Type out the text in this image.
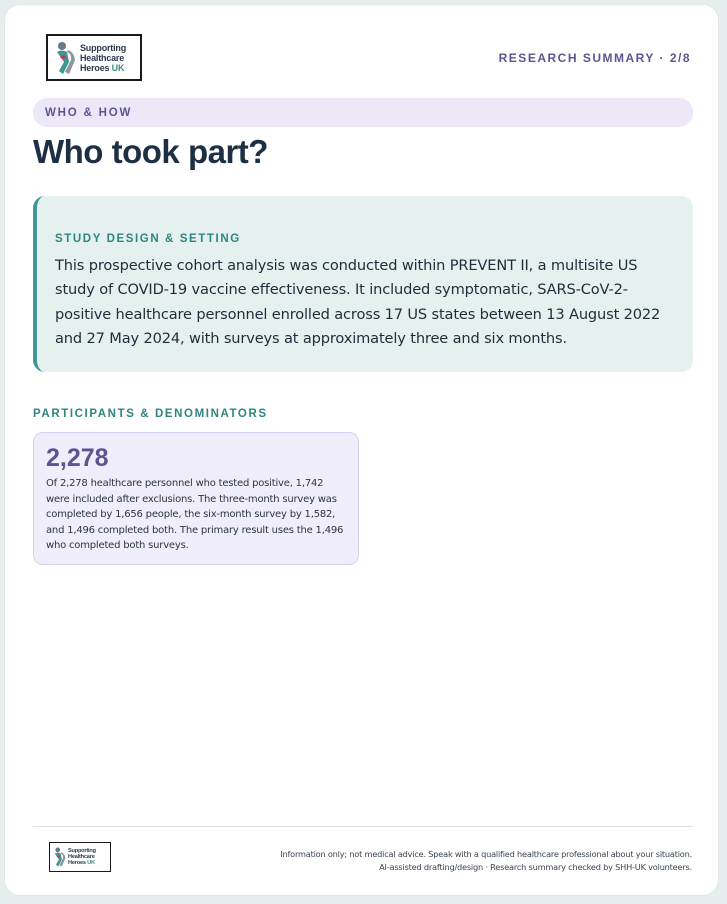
Supporting
Healthcare
Heroes UK
RESEARCH SUMMARY · 2/8
WHO & HOW
Who took part?
STUDY DESIGN & SETTING
This prospective cohort analysis was conducted within PREVENT II, a multisite US study of COVID-19 vaccine effectiveness. It included symptomatic, SARS-CoV-2-positive healthcare personnel enrolled across 17 US states between 13 August 2022 and 27 May 2024, with surveys at approximately three and six months.
PARTICIPANTS & DENOMINATORS
2,278
Of 2,278 healthcare personnel who tested positive, 1,742 were included after exclusions. The three-month survey was completed by 1,656 people, the six-month survey by 1,582, and 1,496 completed both. The primary result uses the 1,496 who completed both surveys.
Supporting
Healthcare
Heroes UK
Information only; not medical advice. Speak with a qualified healthcare professional about your situation.
AI-assisted drafting/design · Research summary checked by SHH-UK volunteers.
